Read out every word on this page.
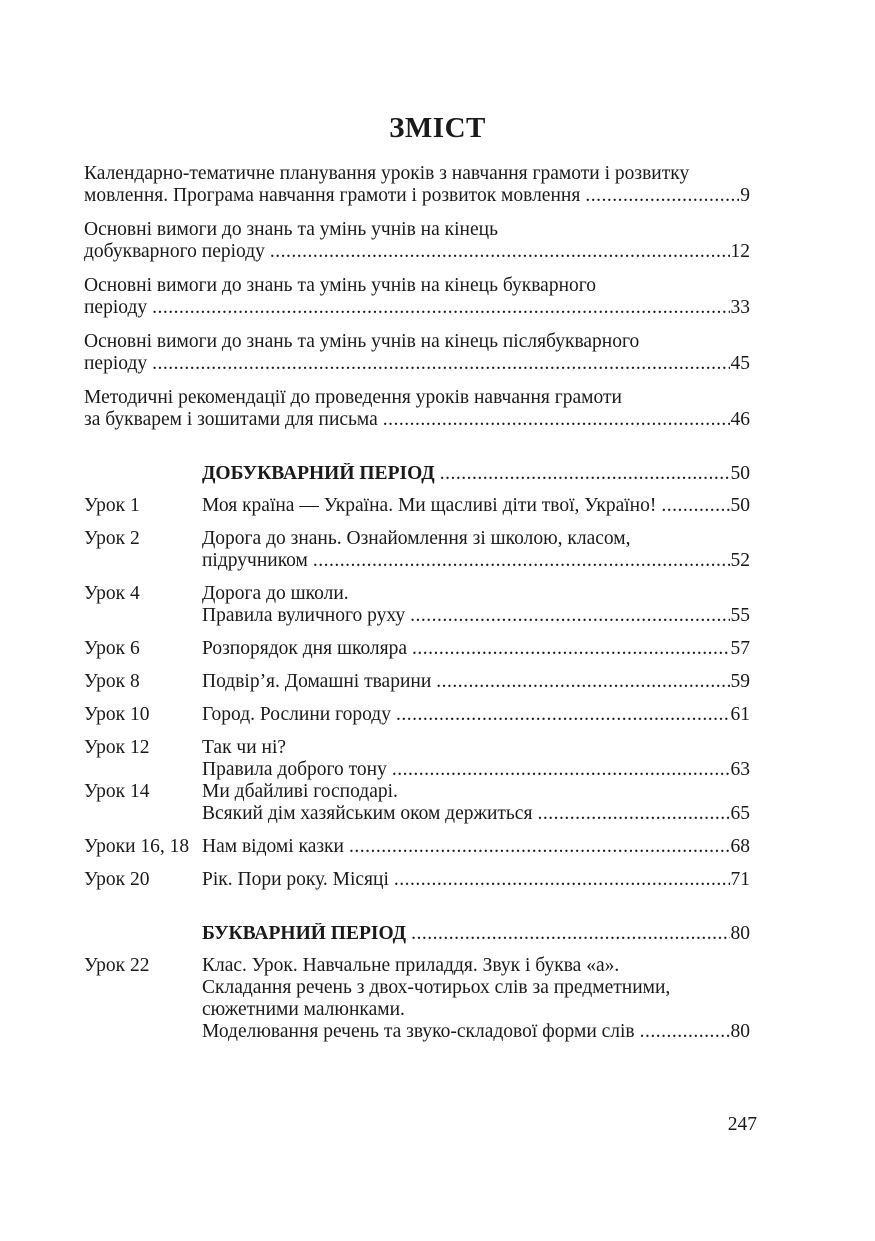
ЗМІСТ
Календарно-тематичне планування уроків з навчання грамоти і розвитку
мовлення. Програма навчання грамоти і розвиток мовлення .....	9
Основні вимоги до знань та умінь учнів на кінець
добукварного періоду .....	12
Основні вимоги до знань та умінь учнів на кінець букварного
періоду .....	33
Основні вимоги до знань та умінь учнів на кінець післябукварного
періоду .....	45
Методичні рекомендації до проведення уроків навчання грамоти
за букварем і зошитами для письма .....	46
ДОБУКВАРНИЙ ПЕРІОД .....	50
Урок 1	Моя країна — Україна. Ми щасливі діти твої, Україно! .....	50
Урок 2	Дорога до знань. Ознайомлення зі школою, класом,
підручником .....	52
Урок 4	Дорога до школи.
Правила вуличного руху .....	55
Урок 6	Розпорядок дня школяра .....	57
Урок 8	Подвір’я. Домашні тварини .....	59
Урок 10	Город. Рослини городу .....	61
Урок 12	Так чи ні?
Правила доброго тону .....	63
Урок 14	Ми дбайливі господарі.
Всякий дім хазяйським оком держиться .....	65
Уроки 16, 18 Нам відомі казки .....	68
Урок 20	Рік. Пори року. Місяці .....	71
БУКВАРНИЙ ПЕРІОД .....	80
Урок 22	Клас. Урок. Навчальне приладдя. Звук і буква «а».
Складання речень з двох-чотирьох слів за предметними,
сюжетними малюнками.
Моделювання речень та звуко-складової форми слів .....	80
247
